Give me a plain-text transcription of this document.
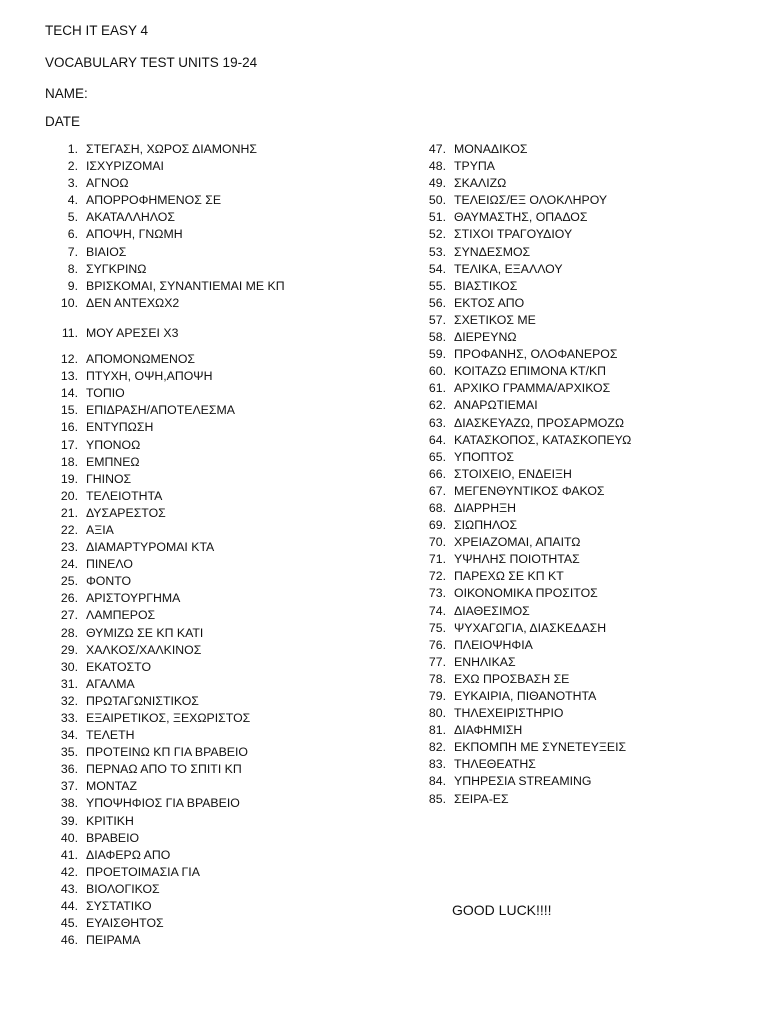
TECH IT EASY 4
VOCABULARY TEST UNITS 19-24
NAME:
DATE
1. ΣΤΕΓΑΣΗ, ΧΩΡΟΣ ΔΙΑΜΟΝΗΣ
2. ΙΣΧΥΡΙΖΟΜΑΙ
3. ΑΓΝΟΩ
4. ΑΠΟΡΡΟΦΗΜΕΝΟΣ ΣΕ
5. ΑΚΑΤΑΛΛΗΛΟΣ
6. ΑΠΟΨΗ, ΓΝΩΜΗ
7. ΒΙΑΙΟΣ
8. ΣΥΓΚΡΙΝΩ
9. ΒΡΙΣΚΟΜΑΙ, ΣΥΝΑΝΤΙΕΜΑΙ ΜΕ ΚΠ
10. ΔΕΝ ΑΝΤΕΧΩX2
11. ΜΟΥ ΑΡΕΣΕΙ X3
12. ΑΠΟΜΟΝΩΜΕΝΟΣ
13. ΠΤΥΧΗ, ΟΨΗ,ΑΠΟΨΗ
14. ΤΟΠΙΟ
15. ΕΠΙΔΡΑΣΗ/ΑΠΟΤΕΛΕΣΜΑ
16. ΕΝΤΥΠΩΣΗ
17. ΥΠΟΝΟΩ
18. ΕΜΠΝΕΩ
19. ΓΗΙΝΟΣ
20. ΤΕΛΕΙΟΤΗΤΑ
21. ΔΥΣΑΡΕΣΤΟΣ
22. ΑΞΙΑ
23. ΔΙΑΜΑΡΤΥΡΟΜΑΙ ΚΤΑ
24. ΠΙΝΕΛΟ
25. ΦΟΝΤΟ
26. ΑΡΙΣΤΟΥΡΓΗΜΑ
27. ΛΑΜΠΕΡΟΣ
28. ΘΥΜΙΖΩ ΣΕ ΚΠ ΚΑΤΙ
29. ΧΑΛΚΟΣ/ΧΑΛΚΙΝΟΣ
30. ΕΚΑΤΟΣΤΟ
31. ΑΓΑΛΜΑ
32. ΠΡΩΤΑΓΩΝΙΣΤΙΚΟΣ
33. ΕΞΑΙΡΕΤΙΚΟΣ, ΞΕΧΩΡΙΣΤΟΣ
34. ΤΕΛΕΤΗ
35. ΠΡΟΤΕΙΝΩ ΚΠ ΓΙΑ ΒΡΑΒΕΙΟ
36. ΠΕΡΝΑΩ ΑΠΟ ΤΟ ΣΠΙΤΙ ΚΠ
37. ΜΟΝΤΑΖ
38. ΥΠΟΨΗΦΙΟΣ ΓΙΑ ΒΡΑΒΕΙΟ
39. ΚΡΙΤΙΚΗ
40. ΒΡΑΒΕΙΟ
41. ΔΙΑΦΕΡΩ ΑΠΟ
42. ΠΡΟΕΤΟΙΜΑΣΙΑ ΓΙΑ
43. ΒΙΟΛΟΓΙΚΟΣ
44. ΣΥΣΤΑΤΙΚΟ
45. ΕΥΑΙΣΘΗΤΟΣ
46. ΠΕΙΡΑΜΑ
47. ΜΟΝΑΔΙΚΟΣ
48. ΤΡΥΠΑ
49. ΣΚΑΛΙΖΩ
50. ΤΕΛΕΙΩΣ/ΕΞ ΟΛΟΚΛΗΡΟΥ
51. ΘΑΥΜΑΣΤΗΣ, ΟΠΑΔΟΣ
52. ΣΤΙΧΟΙ ΤΡΑΓΟΥΔΙΟΥ
53. ΣΥΝΔΕΣΜΟΣ
54. ΤΕΛΙΚΑ, ΕΞΑΛΛΟΥ
55. ΒΙΑΣΤΙΚΟΣ
56. ΕΚΤΟΣ ΑΠΟ
57. ΣΧΕΤΙΚΟΣ ΜΕ
58. ΔΙΕΡΕΥΝΩ
59. ΠΡΟΦΑΝΗΣ, ΟΛΟΦΑΝΕΡΟΣ
60. ΚΟΙΤΑΖΩ ΕΠΙΜΟΝΑ ΚΤ/ΚΠ
61. ΑΡΧΙΚΟ ΓΡΑΜΜΑ/ΑΡΧΙΚΟΣ
62. ΑΝΑΡΩΤΙΕΜΑΙ
63. ΔΙΑΣΚΕΥΑΖΩ, ΠΡΟΣΑΡΜΟΖΩ
64. ΚΑΤΑΣΚΟΠΟΣ, ΚΑΤΑΣΚΟΠΕΥΩ
65. ΥΠΟΠΤΟΣ
66. ΣΤΟΙΧΕΙΟ, ΕΝΔΕΙΞΗ
67. ΜΕΓΕΝΘΥΝΤΙΚΟΣ ΦΑΚΟΣ
68. ΔΙΑΡΡΗΞΗ
69. ΣΙΩΠΗΛΟΣ
70. ΧΡΕΙΑΖΟΜΑΙ, ΑΠΑΙΤΩ
71. ΥΨΗΛΗΣ ΠΟΙΟΤΗΤΑΣ
72. ΠΑΡΕΧΩ ΣΕ ΚΠ ΚΤ
73. ΟΙΚΟΝΟΜΙΚΑ ΠΡΟΣΙΤΟΣ
74. ΔΙΑΘΕΣΙΜΟΣ
75. ΨΥΧΑΓΩΓΙΑ, ΔΙΑΣΚΕΔΑΣΗ
76. ΠΛΕΙΟΨΗΦΙΑ
77. ΕΝΗΛΙΚΑΣ
78. ΕΧΩ ΠΡΟΣΒΑΣΗ ΣΕ
79. ΕΥΚΑΙΡΙΑ, ΠΙΘΑΝΟΤΗΤΑ
80. ΤΗΛΕΧΕΙΡΙΣΤΗΡΙΟ
81. ΔΙΑΦΗΜΙΣΗ
82. ΕΚΠΟΜΠΗ ΜΕ ΣΥΝΕΤΕΥΞΕΙΣ
83. ΤΗΛΕΘΕΑΤΗΣ
84. ΥΠΗΡΕΣΙΑ STREAMING
85. ΣΕΙΡΑ-ΕΣ
GOOD LUCK!!!!
